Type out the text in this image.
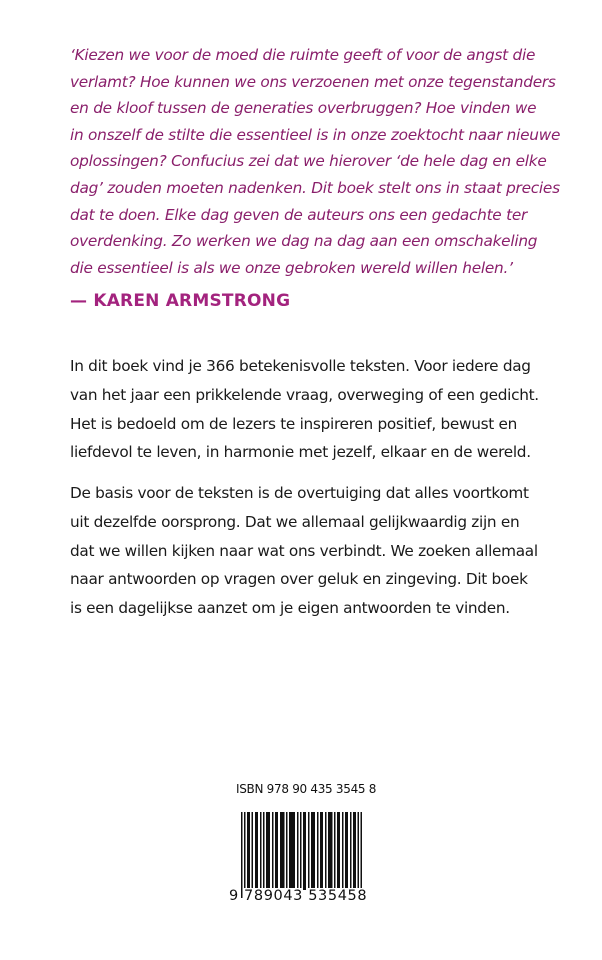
‘Kiezen we voor de moed die ruimte geeft of voor de angst die

verlamt? Hoe kunnen we ons verzoenen met onze tegenstanders

en de kloof tussen de generaties overbruggen? Hoe vinden we

in onszelf de stilte die essentieel is in onze zoektocht naar nieuwe

oplossingen? Confucius zei dat we hierover ‘de hele dag en elke

dag’ zouden moeten nadenken. Dit boek stelt ons in staat precies

dat te doen. Elke dag geven de auteurs ons een gedachte ter

overdenking. Zo werken we dag na dag aan een omschakeling

die essentieel is als we onze gebroken wereld willen helen.’

— KAREN ARMSTRONG

In dit boek vind je 366 betekenisvolle teksten. Voor iedere dag

van het jaar een prikkelende vraag, overweging of een gedicht.

Het is bedoeld om de lezers te inspireren positief, bewust en

liefdevol te leven, in harmonie met jezelf, elkaar en de wereld.

De basis voor de teksten is de overtuiging dat alles voortkomt

uit dezelfde oorsprong. Dat we allemaal gelijkwaardig zijn en

dat we willen kijken naar wat ons verbindt. We zoeken allemaal

naar antwoorden op vragen over geluk en zingeving. Dit boek

is een dagelijkse aanzet om je eigen antwoorden te vinden.

ISBN 978 90 435 3545 8
9 789043 535458
